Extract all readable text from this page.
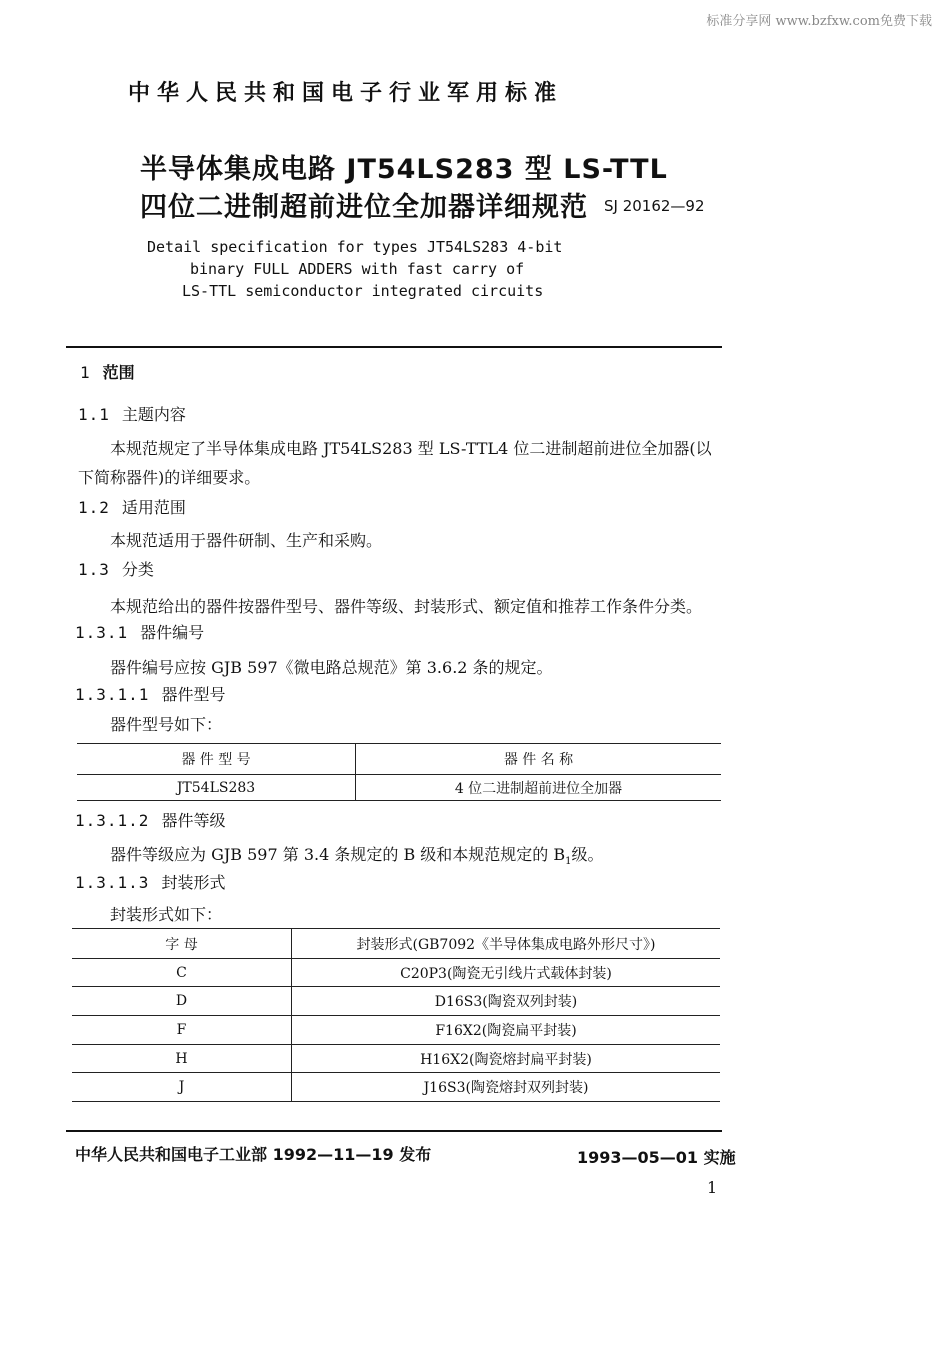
标准分享网 www.bzfxw.com免费下载
中华人民共和国电子行业军用标准
半导体集成电路 JT54LS283 型 LS-TTL
四位二进制超前进位全加器详细规范 SJ 20162—92
Detail specification for types JT54LS283 4-bit
binary FULL ADDERS with fast carry of
LS-TTL semiconductor integrated circuits
1 范围
1.1 主题内容
本规范规定了半导体集成电路 JT54LS283 型 LS-TTL4 位二进制超前进位全加器(以
下简称器件)的详细要求。
1.2 适用范围
本规范适用于器件研制、生产和采购。
1.3 分类
本规范给出的器件按器件型号、器件等级、封装形式、额定值和推荐工作条件分类。
1.3.1 器件编号
器件编号应按 GJB 597《微电路总规范》第 3.6.2 条的规定。
1.3.1.1 器件型号
器件型号如下：
器 件 型 号	器 件 名 称
JT54LS283	4 位二进制超前进位全加器
1.3.1.2 器件等级
器件等级应为 GJB 597 第 3.4 条规定的 B 级和本规范规定的 $B_1$级。
1.3.1.3 封装形式
封装形式如下：
字 母	封装形式(GB7092《半导体集成电路外形尺寸》)
C	C20P3(陶瓷无引线片式载体封装)
D	D16S3(陶瓷双列封装)
F	F16X2(陶瓷扁平封装)
H	H16X2(陶瓷熔封扁平封装)
J	J16S3(陶瓷熔封双列封装)
中华人民共和国电子工业部 1992—11—19 发布	1993—05—01 实施
1
